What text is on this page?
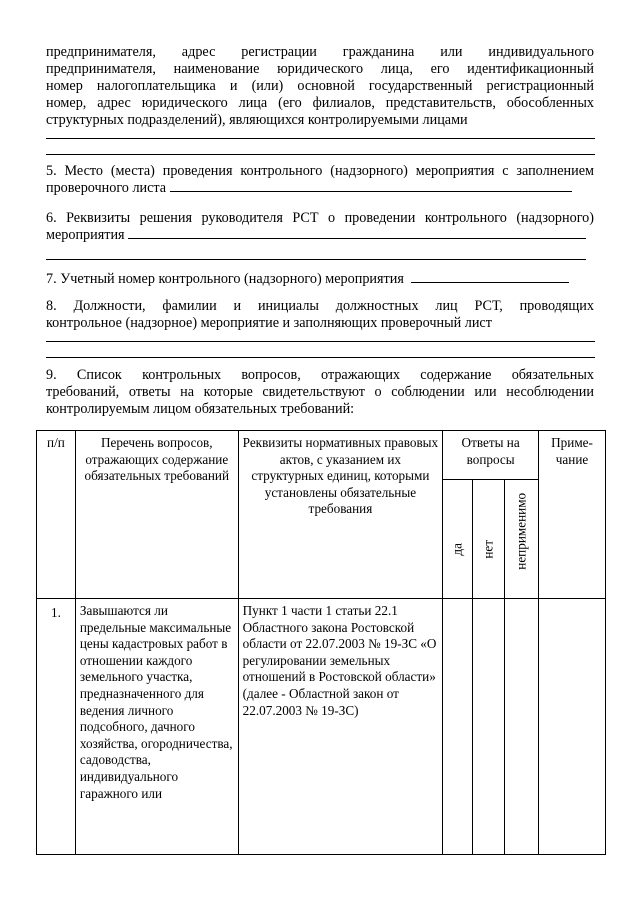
предпринимателя, адрес регистрации гражданина или индивидуального
предпринимателя, наименование юридического лица, его идентификационный
номер налогоплательщика и (или) основной государственный регистрационный
номер, адрес юридического лица (его филиалов, представительств, обособленных
структурных подразделений), являющихся контролируемыми лицами
5. Место (места) проведения контрольного (надзорного) мероприятия с заполнением
проверочного листа
6. Реквизиты решения руководителя РСТ о проведении контрольного (надзорного)
мероприятия
7. Учетный номер контрольного (надзорного) мероприятия
8. Должности, фамилии и инициалы должностных лиц РСТ, проводящих
контрольное (надзорное) мероприятие и заполняющих проверочный лист
9. Список контрольных вопросов, отражающих содержание обязательных
требований, ответы на которые свидетельствуют о соблюдении или несоблюдении
контролируемым лицом обязательных требований:
п/п	Перечень вопросов, отражающих содержание обязательных требований	Реквизиты нормативных правовых актов, с указанием их структурных единиц, которыми установлены обязательные требования	Ответы на вопросы			Приме-чание

			да	нет	неприменимо	

1.	Завышаются ли предельные максимальные цены кадастровых работ в отношении каждого земельного участка, предназначенного для ведения личного подсобного, дачного хозяйства, огородничества, садоводства, индивидуального гаражного или	Пункт 1 части 1 статьи 22.1 Областного закона Ростовской области от 22.07.2003 № 19-ЗС «О регулировании земельных отношений в Ростовской области» (далее - Областной закон от 22.07.2003 № 19-ЗС)				
